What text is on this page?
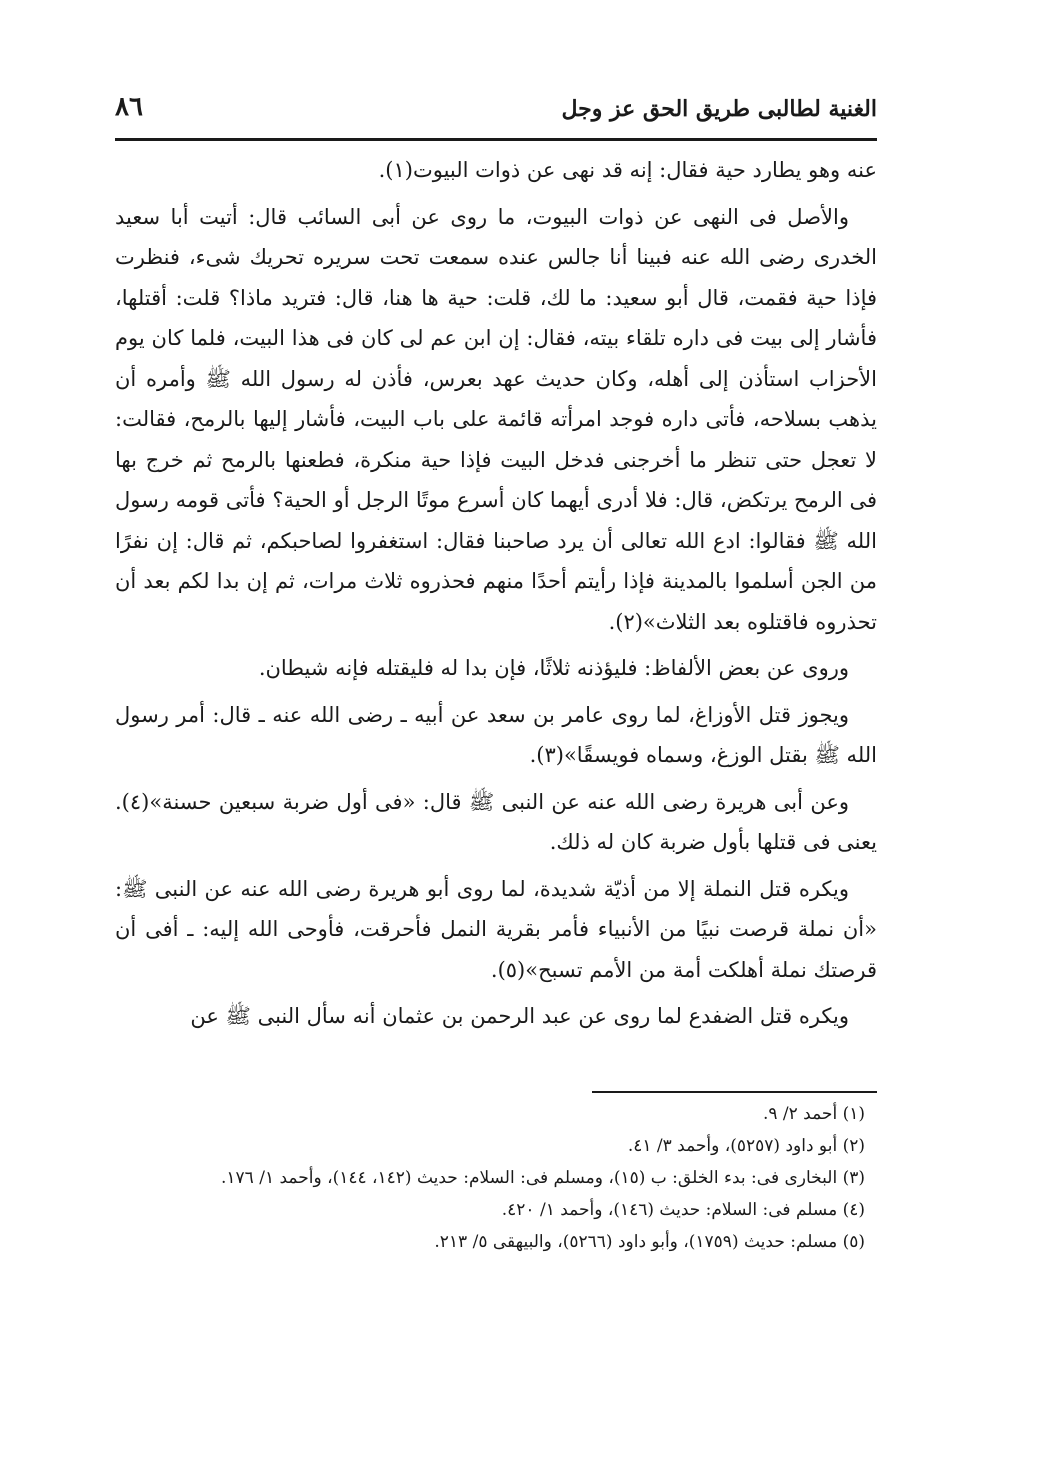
الغنية لطالبى طريق الحق عز وجل
٨٦

عنه وهو يطارد حية فقال: إنه قد نهى عن ذوات البيوت(١).

والأصل فى النهى عن ذوات البيوت، ما روى عن أبى السائب قال: أتيت أبا سعيد الخدرى رضى الله عنه فبينا أنا جالس عنده سمعت تحت سريره تحريك شىء، فنظرت فإذا حية فقمت، قال أبو سعيد: ما لك، قلت: حية ها هنا، قال: فتريد ماذا؟ قلت: أقتلها، فأشار إلى بيت فى داره تلقاء بيته، فقال: إن ابن عم لى كان فى هذا البيت، فلما كان يوم الأحزاب استأذن إلى أهله، وكان حديث عهد بعرس، فأذن له رسول الله ﷺ وأمره أن يذهب بسلاحه، فأتى داره فوجد امرأته قائمة على باب البيت، فأشار إليها بالرمح، فقالت: لا تعجل حتى تنظر ما أخرجنى فدخل البيت فإذا حية منكرة، فطعنها بالرمح ثم خرج بها فى الرمح يرتكض، قال: فلا أدرى أيهما كان أسرع موتًا الرجل أو الحية؟ فأتى قومه رسول الله ﷺ فقالوا: ادع الله تعالى أن يرد صاحبنا فقال: استغفروا لصاحبكم، ثم قال: إن نفرًا من الجن أسلموا بالمدينة فإذا رأيتم أحدًا منهم فحذروه ثلاث مرات، ثم إن بدا لكم بعد أن تحذروه فاقتلوه بعد الثلاث»(٢).

وروى عن بعض الألفاظ: فليؤذنه ثلاثًا، فإن بدا له فليقتله فإنه شيطان.

ويجوز قتل الأوزاغ، لما روى عامر بن سعد عن أبيه ـ رضى الله عنه ـ قال: أمر رسول الله ﷺ بقتل الوزغ، وسماه فويسقًا»(٣).

وعن أبى هريرة رضى الله عنه عن النبى ﷺ قال: «فى أول ضربة سبعين حسنة»(٤). يعنى فى قتلها بأول ضربة كان له ذلك.

ويكره قتل النملة إلا من أذيّة شديدة، لما روى أبو هريرة رضى الله عنه عن النبى ﷺ: «أن نملة قرصت نبيًا من الأنبياء فأمر بقرية النمل فأحرقت، فأوحى الله إليه: ـ أفى أن قرصتك نملة أهلكت أمة من الأمم تسبح»(٥).

ويكره قتل الضفدع لما روى عن عبد الرحمن بن عثمان أنه سأل النبى ﷺ عن

(١) أحمد ٢/ ٩.

(٢) أبو داود (٥٢٥٧)، وأحمد ٣/ ٤١.

(٣) البخارى فى: بدء الخلق: ب (١٥)، ومسلم فى: السلام: حديث (١٤٢، ١٤٤)، وأحمد ١/ ١٧٦.

(٤) مسلم فى: السلام: حديث (١٤٦)، وأحمد ١/ ٤٢٠.

(٥) مسلم: حديث (١٧٥٩)، وأبو داود (٥٢٦٦)، والبيهقى ٥/ ٢١٣.
